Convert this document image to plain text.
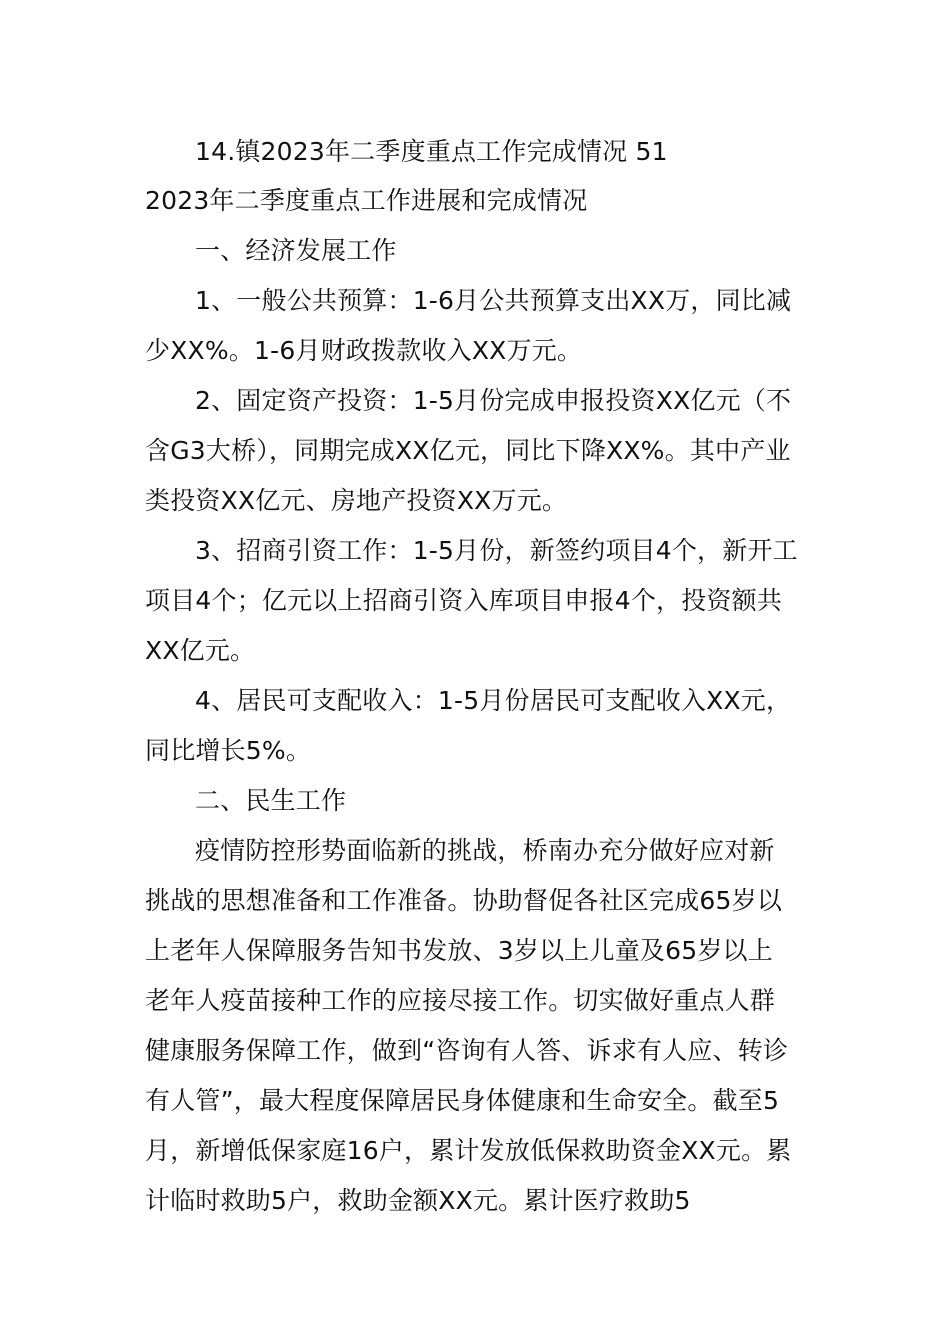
14.镇2023年二季度重点工作完成情况 51
2023年二季度重点工作进展和完成情况
一、经济发展工作
1、一般公共预算：1-6月公共预算支出XX万，同比减
少XX%。1-6月财政拨款收入XX万元。
2、固定资产投资：1-5月份完成申报投资XX亿元（不
含G3大桥），同期完成XX亿元，同比下降XX%。其中产业
类投资XX亿元、房地产投资XX万元。
3、招商引资工作：1-5月份，新签约项目4个，新开工
项目4个；亿元以上招商引资入库项目申报4个，投资额共
XX亿元。
4、居民可支配收入：1-5月份居民可支配收入XX元，
同比增长5%。
二、民生工作
疫情防控形势面临新的挑战，桥南办充分做好应对新
挑战的思想准备和工作准备。协助督促各社区完成65岁以
上老年人保障服务告知书发放、3岁以上儿童及65岁以上
老年人疫苗接种工作的应接尽接工作。切实做好重点人群
健康服务保障工作，做到“咨询有人答、诉求有人应、转诊
有人管”，最大程度保障居民身体健康和生命安全。截至5
月，新增低保家庭16户，累计发放低保救助资金XX元。累
计临时救助5户，救助金额XX元。累计医疗救助5
